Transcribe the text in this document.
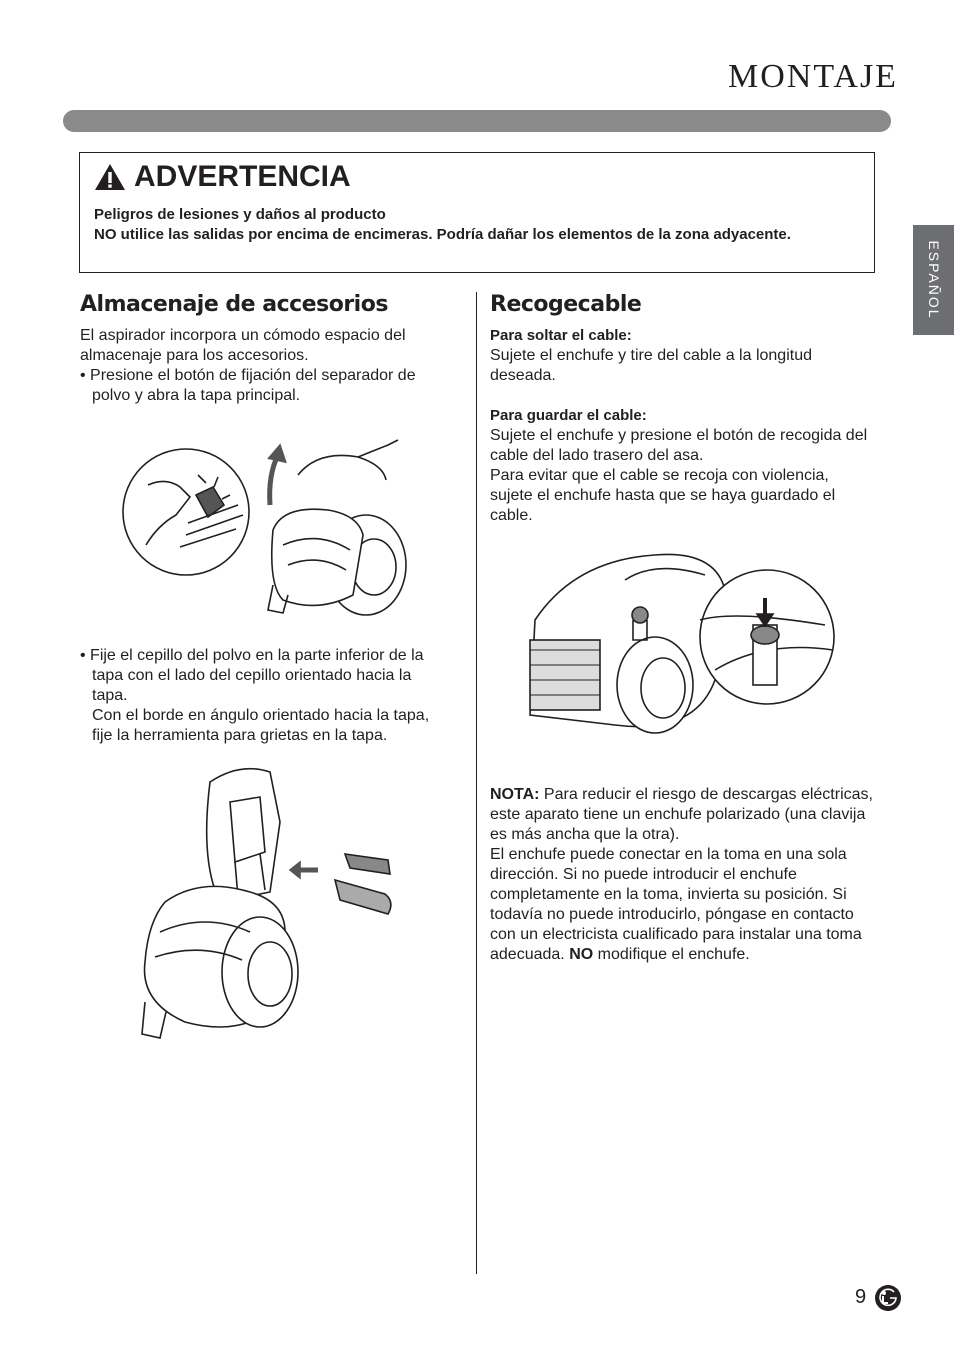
MONTAJE
ESPAÑOL
ADVERTENCIA
Peligros de lesiones y daños al producto
NO utilice las salidas por encima de encimeras. Podría dañar los elementos de la zona adyacente.
Almacenaje de accesorios

El aspirador incorpora un cómodo espacio del almacenaje para los accesorios.

• Presione el botón de fijación del separador de polvo y abra la tapa principal.

• Fije el cepillo del polvo en la parte inferior de la tapa con el lado del cepillo orientado hacia la tapa.

Con el borde en ángulo orientado hacia la tapa, fije la herramienta para grietas en la tapa.

Recogecable

Para soltar el cable:

Sujete el enchufe y tire del cable a la longitud deseada.

Para guardar el cable:

Sujete el enchufe y presione el botón de recogida del cable del lado trasero del asa.

Para evitar que el cable se recoja con violencia, sujete el enchufe hasta que se haya guardado el cable.

NOTA: Para reducir el riesgo de descargas eléctricas, este aparato tiene un enchufe polarizado (una clavija es más ancha que la otra).

El enchufe puede conectar en la toma en una sola dirección. Si no puede introducir el enchufe completamente en la toma, invierta su posición. Si todavía no puede introducirlo, póngase en contacto con un electricista cualificado para instalar una toma adecuada. NO modifique el enchufe.

9
